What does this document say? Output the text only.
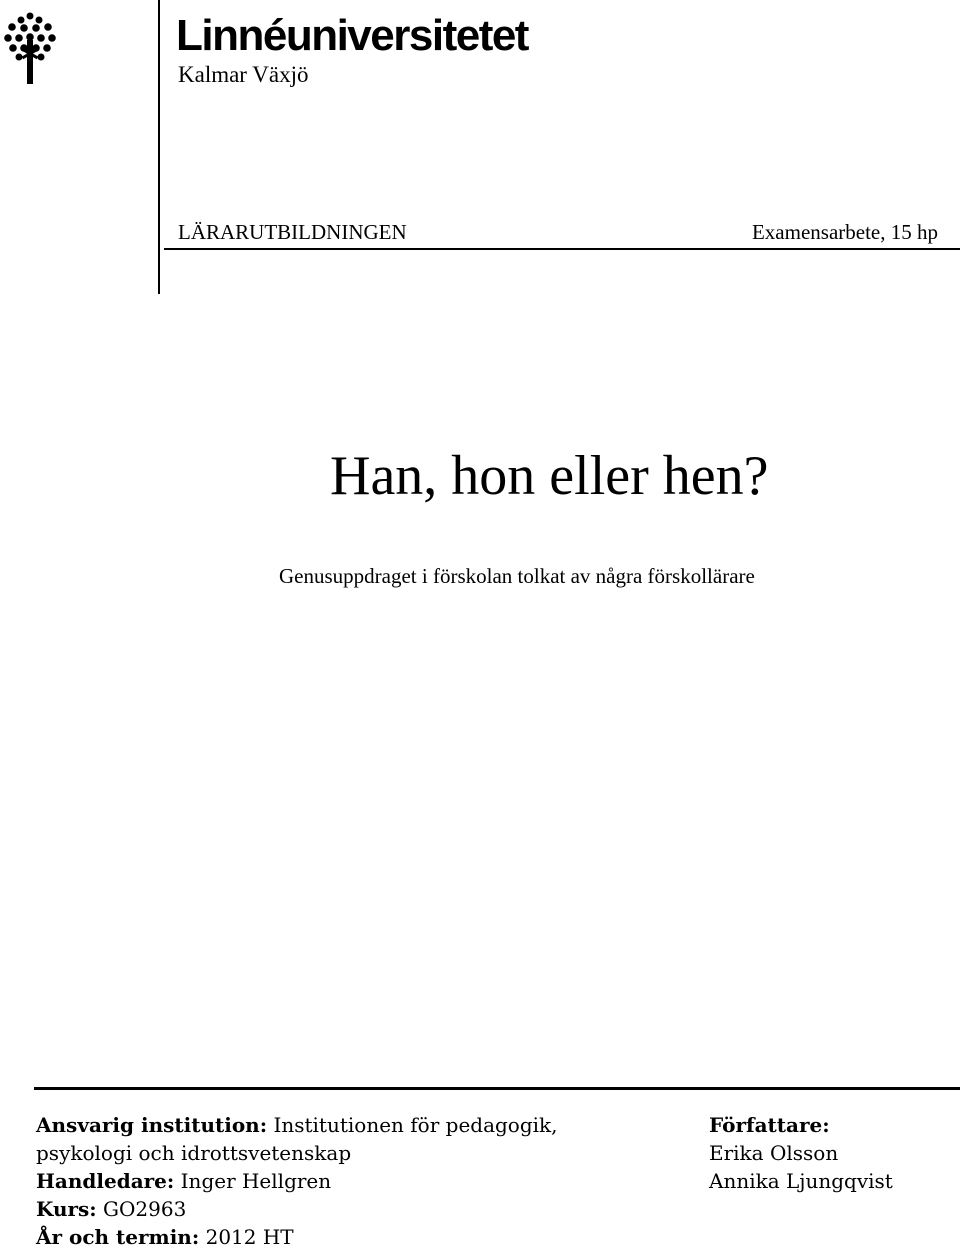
Linnéuniversitetet
Kalmar Växjö
LÄRARUTBILDNINGEN	Examensarbete, 15 hp
Han, hon eller hen?
Genusuppdraget i förskolan tolkat av några förskollärare
Ansvarig institution: Institutionen för pedagogik,
psykologi och idrottsvetenskap
Handledare: Inger Hellgren
Kurs: GO2963
År och termin: 2012 HT
Författare:
Erika Olsson
Annika Ljungqvist
